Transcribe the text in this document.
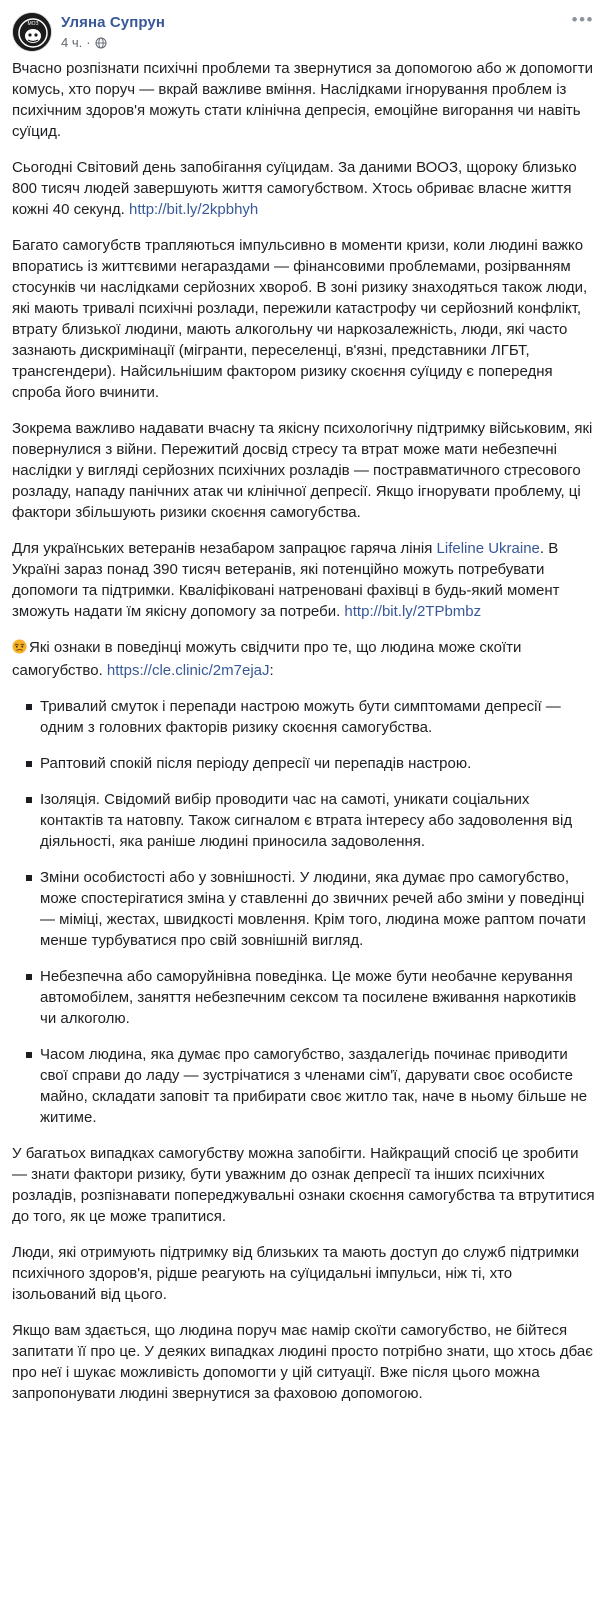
МОЗ Уляна Супрун
4 ч. ·
•••

Вчасно розпізнати психічні проблеми та звернутися за допомогою або ж допомогти комусь, хто поруч — вкрай важливе вміння. Наслідками ігнорування проблем із психічним здоров'я можуть стати клінічна депресія, емоційне вигорання чи навіть суїцид.

Сьогодні Світовий день запобігання суїцидам. За даними ВООЗ, щороку близько 800 тисяч людей завершують життя самогубством. Хтось обриває власне життя кожні 40 секунд. http://bit.ly/2kpbhyh

Багато самогубств трапляються імпульсивно в моменти кризи, коли людині важко впоратись із життєвими негараздами — фінансовими проблемами, розірванням стосунків чи наслідками серйозних хвороб. В зоні ризику знаходяться також люди, які мають тривалі психічні розлади, пережили катастрофу чи серйозний конфлікт, втрату близької людини, мають алкогольну чи наркозалежність, люди, які часто зазнають дискримінації (мігранти, переселенці, в'язні, представники ЛГБТ, трансгендери). Найсильнішим фактором ризику скоєння суїциду є попередня спроба його вчинити.

Зокрема важливо надавати вчасну та якісну психологічну підтримку військовим, які повернулися з війни. Пережитий досвід стресу та втрат може мати небезпечні наслідки у вигляді серйозних психічних розладів — постравматичного стресового розладу, нападу панічних атак чи клінічної депресії. Якщо ігнорувати проблему, ці фактори збільшують ризики скоєння самогубства.

Для українських ветеранів незабаром запрацює гаряча лінія Lifeline Ukraine. В Україні зараз понад 390 тисяч ветеранів, які потенційно можуть потребувати допомоги та підтримки. Кваліфіковані натреновані фахівці в будь-який момент зможуть надати їм якісну допомогу за потреби. http://bit.ly/2TPbmbz

Які ознаки в поведінці можуть свідчити про те, що людина може скоїти самогубство. https://cle.clinic/2m7ejaJ:

Тривалий смуток і перепади настрою можуть бути симптомами депресії — одним з головних факторів ризику скоєння самогубства.
Раптовий спокій після періоду депресії чи перепадів настрою.
Ізоляція. Свідомий вибір проводити час на самоті, уникати соціальних контактів та натовпу. Також сигналом є втрата інтересу або задоволення від діяльності, яка раніше людині приносила задоволення.
Зміни особистості або у зовнішності. У людини, яка думає про самогубство, може спостерігатися зміна у ставленні до звичних речей або зміни у поведінці — міміці, жестах, швидкості мовлення. Крім того, людина може раптом почати менше турбуватися про свій зовнішній вигляд.
Небезпечна або саморуйнівна поведінка. Це може бути необачне керування автомобілем, заняття небезпечним сексом та посилене вживання наркотиків чи алкоголю.
Часом людина, яка думає про самогубство, заздалегідь починає приводити свої справи до ладу — зустрічатися з членами сім'ї, дарувати своє особисте майно, складати заповіт та прибирати своє житло так, наче в ньому більше не житиме.

У багатьох випадках самогубству можна запобігти. Найкращий спосіб це зробити — знати фактори ризику, бути уважним до ознак депресії та інших психічних розладів, розпізнавати попереджувальні ознаки скоєння самогубства та втрутитися до того, як це може трапитися.

Люди, які отримують підтримку від близьких та мають доступ до служб підтримки психічного здоров'я, рідше реагують на суїцидальні імпульси, ніж ті, хто ізольований від цього.

Якщо вам здається, що людина поруч має намір скоїти самогубство, не бійтеся запитати її про це. У деяких випадках людині просто потрібно знати, що хтось дбає про неї і шукає можливість допомогти у цій ситуації. Вже після цього можна запропонувати людині звернутися за фаховою допомогою.
